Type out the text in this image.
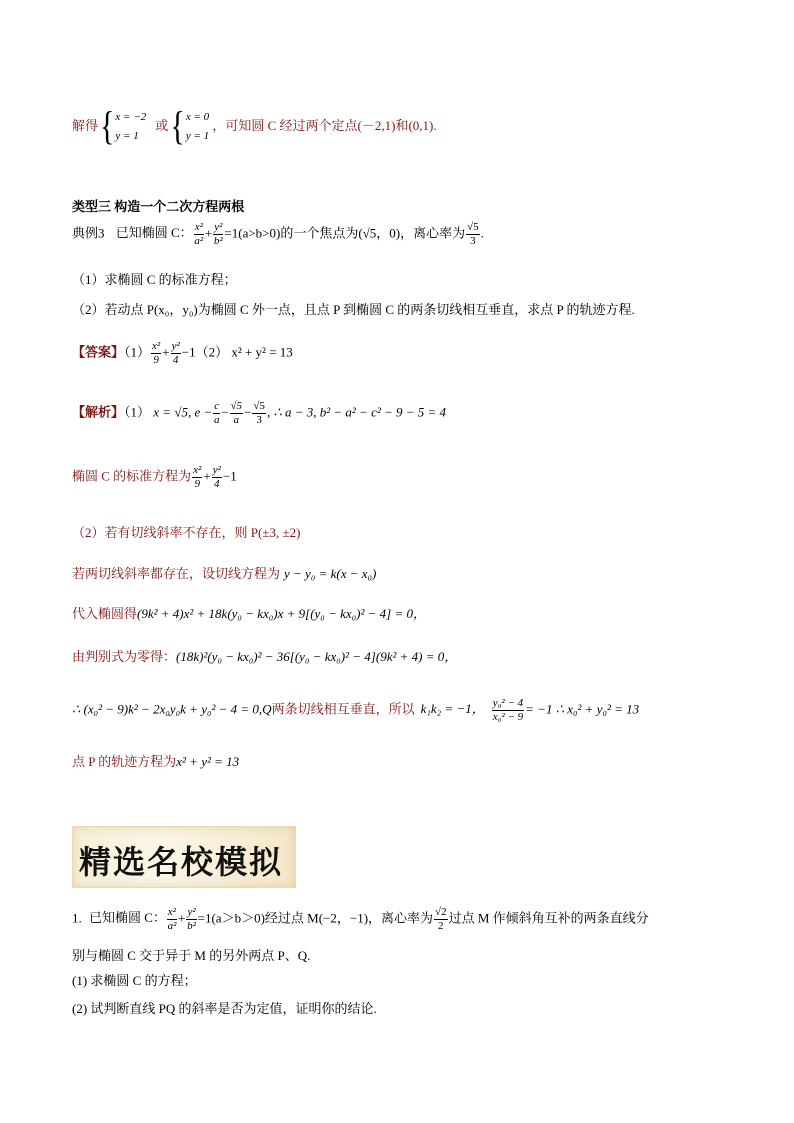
解得{ x = −2
y = 1
或{ x = 0
y = 1
，可知圆 C 经过两个定点(－2,1)和(0,1).
类型三 构造一个二次方程两根
典例3 已知椭圆 C： $\frac{\text{x²}}{\text{a²}} + \frac{\text{y²}}{\text{b²}} =1(a>b>0)$的一个焦点为(√5，0)，离心率为 $\frac{√5}{3}$ .
（1）求椭圆 C 的标准方程；
（2）若动点 P(x₀，y₀)为椭圆 C 外一点，且点 P 到椭圆 C 的两条切线相互垂直，求点 P 的轨迹方程.
【答案】$(1) \frac{\text{x²}}{9} + \frac{\text{y²}}{4} -1(2) x^2 + y^2 = 13$
【解析】（1） x = √5, $e - \frac{c}{a} - \frac{√5}{a} - \frac{√5}{3}$ , ∴ a − 3, b² − a² − c² − 9 − 5 = 4
椭圆 C 的标准方程为 $\frac{\text{x²}}{9} + \frac{\text{y²}}{4} -1$
（2）若有切线斜率不存在，则 P(±3, ±2)
若两切线斜率都存在，设切线方程为 y − y₀ = k(x − x₀)
代入椭圆得(9k² + 4)x² + 18k(y₀ − kx₀)x + 9[(y₀ − kx₀)² − 4] = 0，
由判别式为零得：(18k)²(y₀ − kx₀)² − 36[(y₀ − kx₀)² − 4](9k² + 4) = 0，
∴ (x₀² − 9)k² − 2x₀y₀k + y₀² − 4 = 0,Q两条切线相互垂直，所以 k₁k₂ = −1， $\frac{\text{y₀² − 4}}{\text{x₀² − 9}} = -1$ ∴ x₀² + y₀² = 13
点 P 的轨迹方程为x² + y² = 13
精选名校模拟
1. 已知椭圆 C： $\frac{\text{x²}}{\text{a²}} + \frac{\text{y²}}{\text{b²}} =1(a>b>0)$经过点 M(−2，−1)，离心率为 $\frac{√2}{2}$ 过点 M 作倾斜角互补的两条直线分
别与椭圆 C 交于异于 M 的另外两点 P、Q.
(1) 求椭圆 C 的方程；
(2) 试判断直线 PQ 的斜率是否为定值，证明你的结论.
